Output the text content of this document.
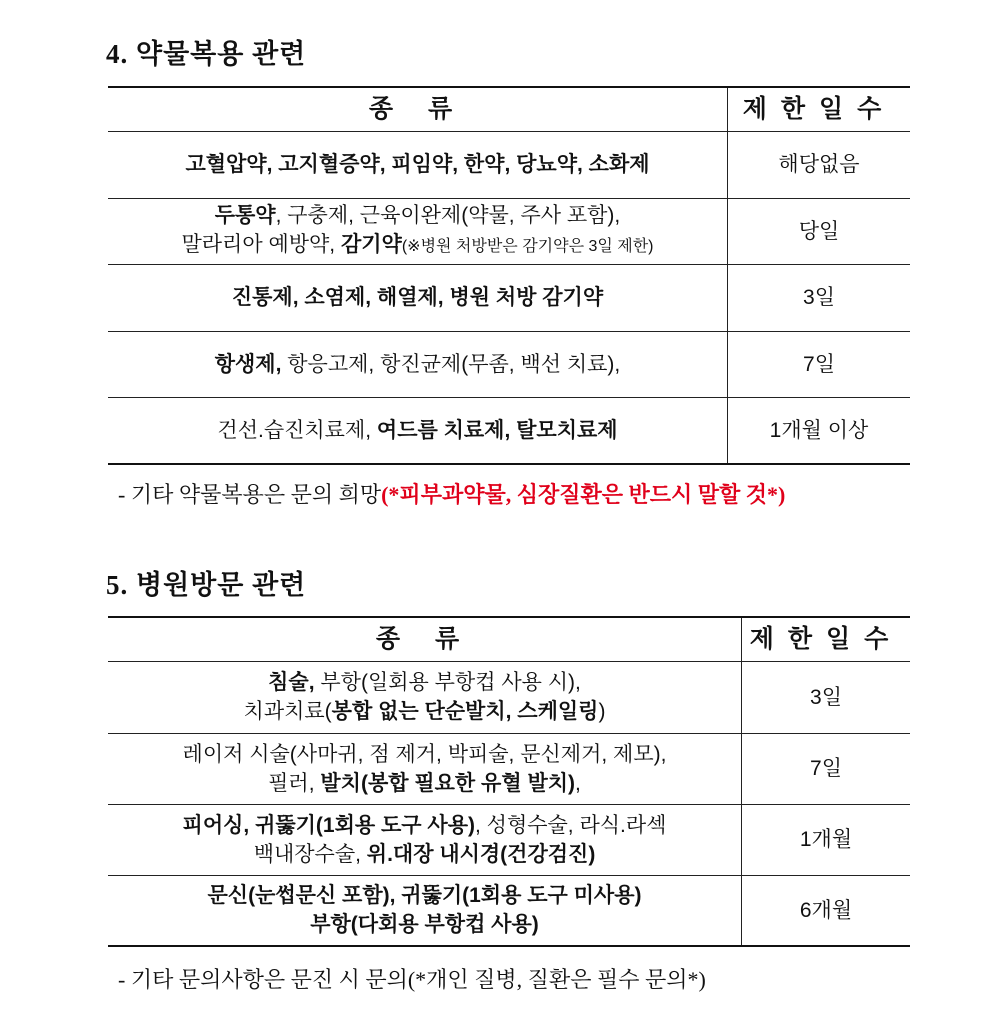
4. 약물복용 관련
종 류	제한일수
고혈압약, 고지혈증약, 피임약, 한약, 당뇨약, 소화제	해당없음
두통약, 구충제, 근육이완제(약물, 주사 포함),
말라리아 예방약, 감기약(※병원 처방받은 감기약은 3일 제한)	당일
진통제, 소염제, 해열제, 병원 처방 감기약	3일
항생제, 항응고제, 항진균제(무좀, 백선 치료),	7일
건선.습진치료제, 여드름 치료제, 탈모치료제	1개월 이상
- 기타 약물복용은 문의 희망(*피부과약물, 심장질환은 반드시 말할 것*)
5. 병원방문 관련
종 류	제한일수
침술, 부항(일회용 부항컵 사용 시),
치과치료(봉합 없는 단순발치, 스케일링)	3일
레이저 시술(사마귀, 점 제거, 박피술, 문신제거, 제모),
필러, 발치(봉합 필요한 유혈 발치),	7일
피어싱, 귀뚫기(1회용 도구 사용), 성형수술, 라식.라섹
백내장수술, 위.대장 내시경(건강검진)	1개월
문신(눈썹문신 포함), 귀뚫기(1회용 도구 미사용)
부항(다회용 부항컵 사용)	6개월
- 기타 문의사항은 문진 시 문의(*개인 질병, 질환은 필수 문의*)
